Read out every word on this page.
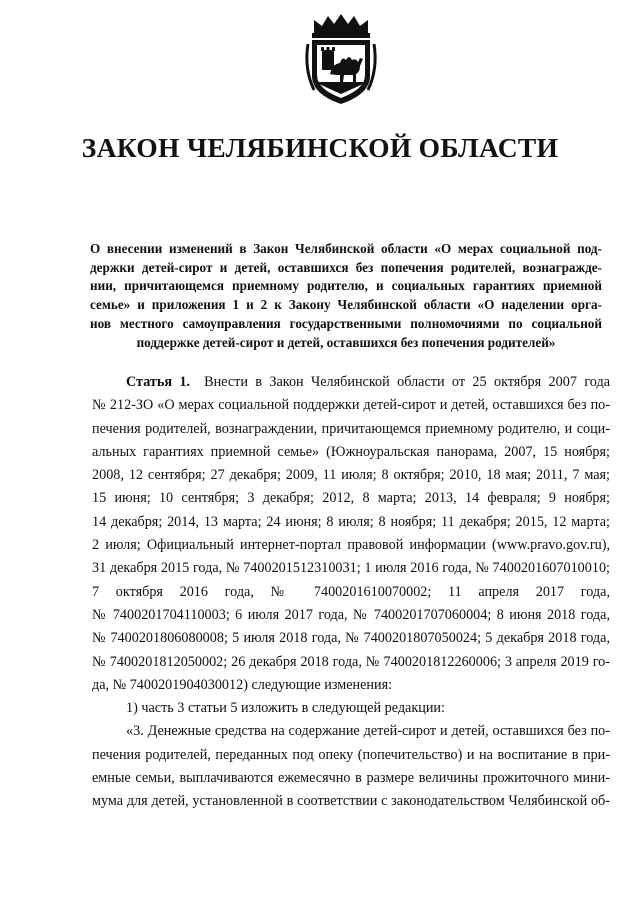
ЗАКОН ЧЕЛЯБИНСКОЙ ОБЛАСТИ
О внесении изменений в Закон Челябинской области «О мерах социальной под-
держки детей-сирот и детей, оставшихся без попечения родителей, вознагражде-
нии, причитающемся приемному родителю, и социальных гарантиях приемной
семье» и приложения 1 и 2 к Закону Челябинской области «О наделении орга-
нов местного самоуправления государственными полномочиями по социальной
поддержке детей-сирот и детей, оставшихся без попечения родителей»
Статья 1. Внести в Закон Челябинской области от 25 октября 2007 года
№ 212-ЗО «О мерах социальной поддержки детей-сирот и детей, оставшихся без по-
печения родителей, вознаграждении, причитающемся приемному родителю, и соци-
альных гарантиях приемной семье» (Южноуральская панорама, 2007, 15 ноября;
2008, 12 сентября; 27 декабря; 2009, 11 июля; 8 октября; 2010, 18 мая; 2011, 7 мая;
15 июня; 10 сентября; 3 декабря; 2012, 8 марта; 2013, 14 февраля; 9 ноября;
14 декабря; 2014, 13 марта; 24 июня; 8 июля; 8 ноября; 11 декабря; 2015, 12 марта;
2 июля; Официальный интернет-портал правовой информации (www.pravo.gov.ru),
31 декабря 2015 года, № 7400201512310031; 1 июля 2016 года, № 7400201607010010;
7 октября 2016 года, № 7400201610070002; 11 апреля 2017 года,
№ 7400201704110003; 6 июля 2017 года, № 7400201707060004; 8 июня 2018 года,
№ 7400201806080008; 5 июля 2018 года, № 7400201807050024; 5 декабря 2018 года,
№ 7400201812050002; 26 декабря 2018 года, № 7400201812260006; 3 апреля 2019 го-
да, № 7400201904030012) следующие изменения:
1) часть 3 статьи 5 изложить в следующей редакции:
«3. Денежные средства на содержание детей-сирот и детей, оставшихся без по-
печения родителей, переданных под опеку (попечительство) и на воспитание в при-
емные семьи, выплачиваются ежемесячно в размере величины прожиточного мини-
мума для детей, установленной в соответствии с законодательством Челябинской об-
